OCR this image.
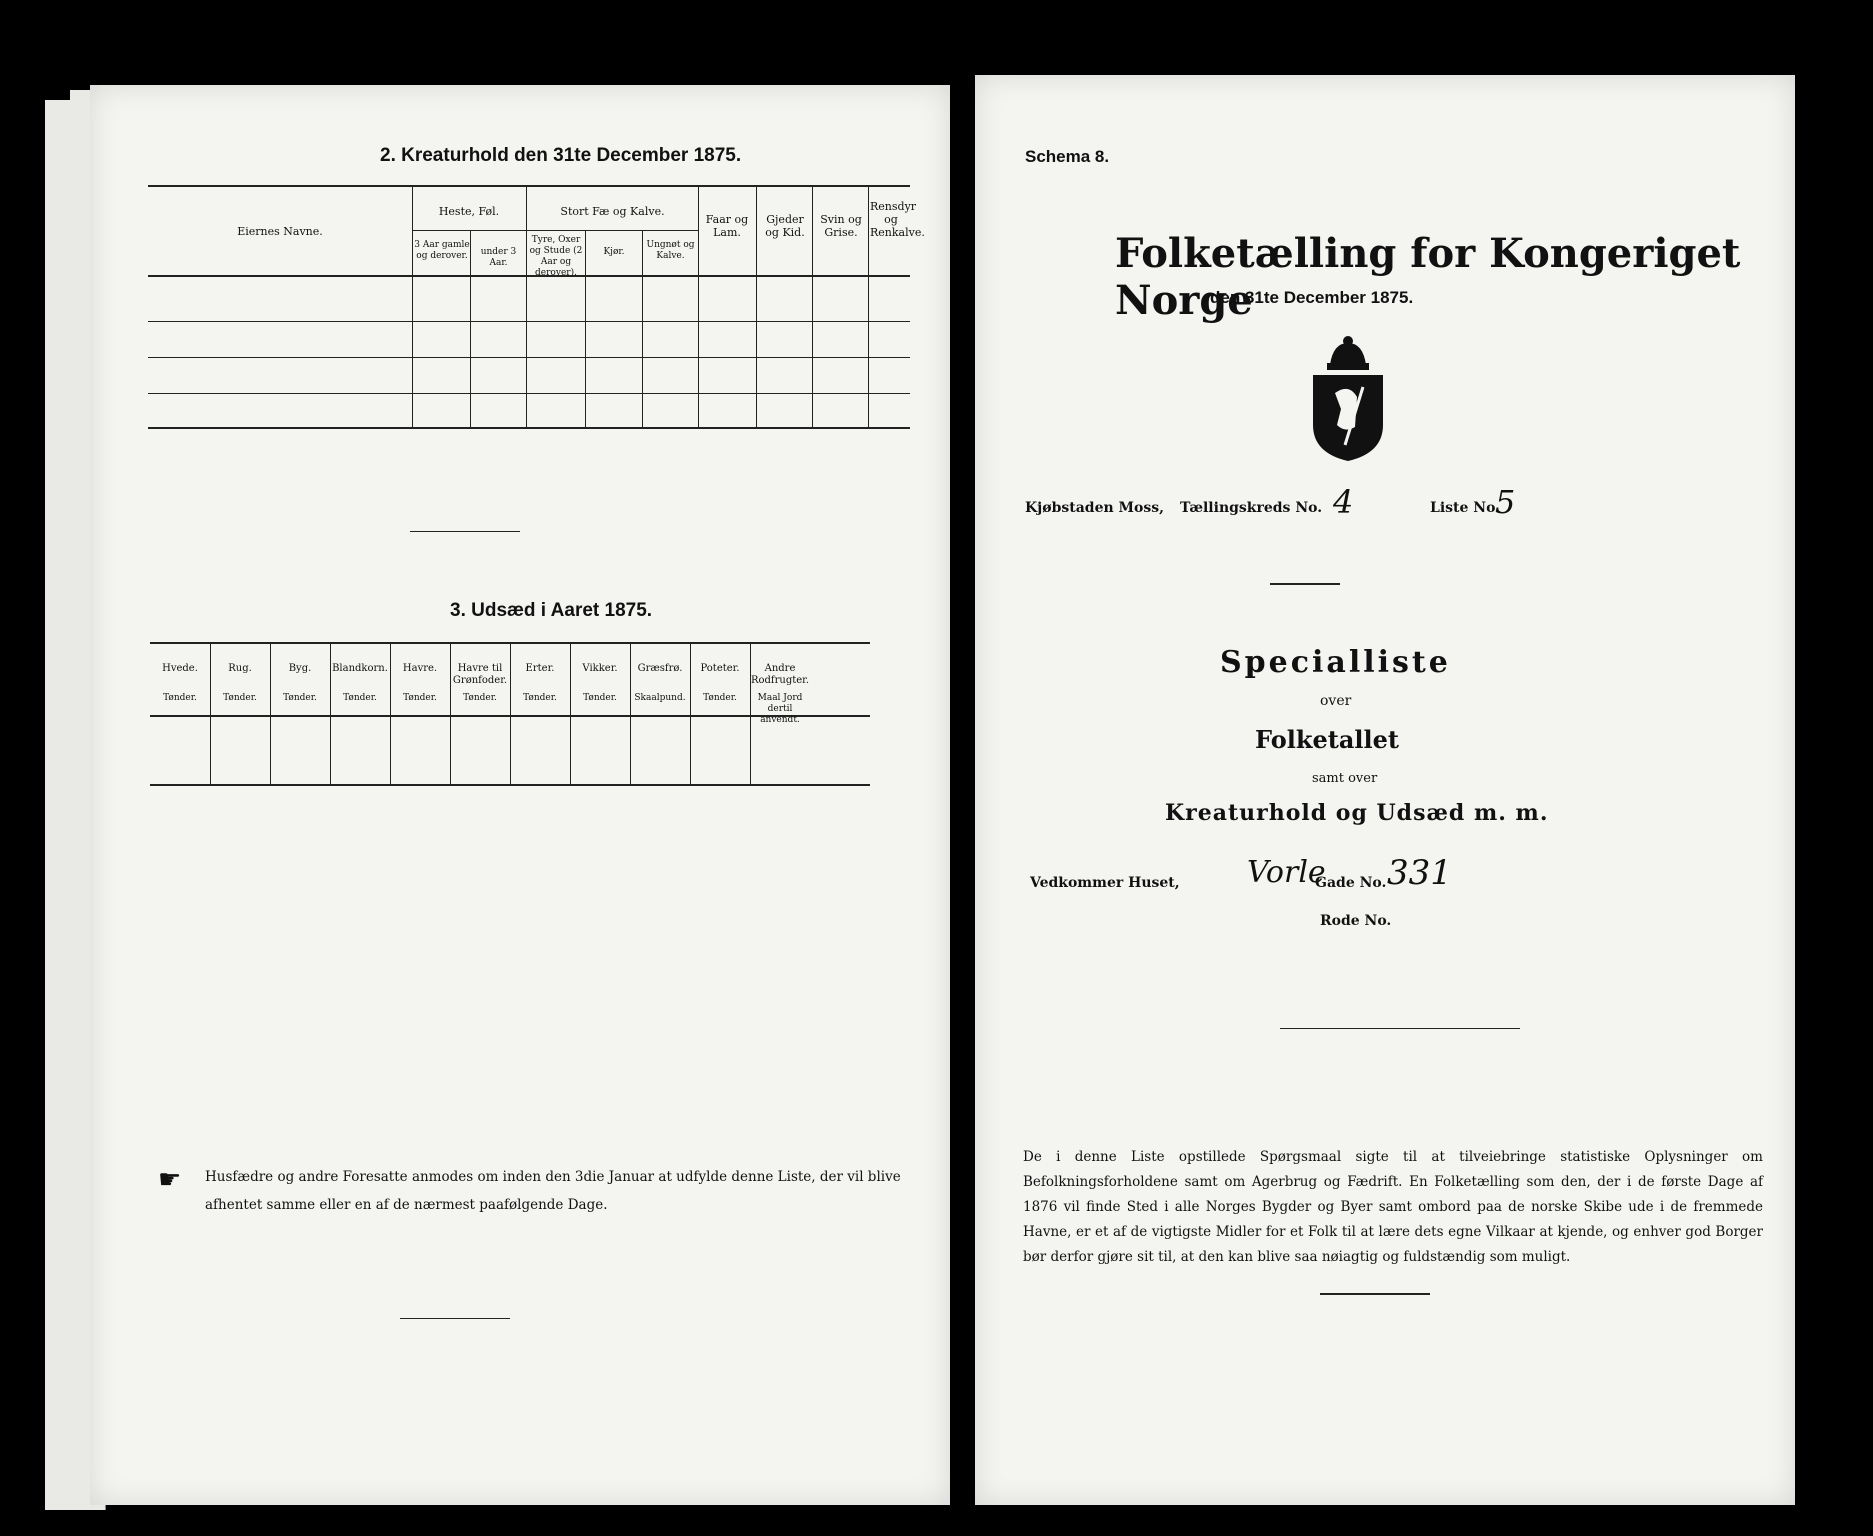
2. Kreaturhold den 31te December 1875.
Eiernes Navne.
Heste, Føl.
3 Aar gamle og derover.	under 3 Aar.
Stort Fæ og Kalve.
Tyre, Oxer og Stude (2 Aar og derover).
Kjør.
Ungnøt og Kalve.
Faar og Lam.
Gjeder og Kid.
Svin og Grise.
Rensdyr og Renkalve.
3. Udsæd i Aaret 1875.
Hvede.
Tønder.
Rug.
Tønder.
Byg.
Tønder.
Blandkorn.
Tønder.
Havre.
Tønder.
Havre til Grønfoder.
Tønder.
Erter.
Tønder.
Vikker.
Tønder.
Græsfrø.
Skaalpund.
Poteter.
Tønder.
Andre Rodfrugter.
Maal Jord dertil anvendt.
☛ Husfædre og andre Foresatte anmodes om inden den 3die Januar at udfylde denne Liste, der vil blive afhentet samme eller en af de nærmest paafølgende Dage.
Schema 8.
Folketælling for Kongeriget Norge
den 31te December 1875.
Kjøbstaden Moss, Tællingskreds No. 4	Liste No.
5
Specialliste
over
Folketallet
samt over
Kreaturhold og Udsæd m. m.
Vedkommer Huset, Vorle
Gade No. 331
Rode No.
De i denne Liste opstillede Spørgsmaal sigte til at tilveiebringe statistiske Oplysninger om Befolkningsforholdene samt om Agerbrug og Fædrift. En Folketælling som den, der i de første Dage af 1876 vil finde Sted i alle Norges Bygder og Byer samt ombord paa de norske Skibe ude i de fremmede Havne, er et af de vigtigste Midler for et Folk til at lære dets egne Vilkaar at kjende, og enhver god Borger bør derfor gjøre sit til, at den kan blive saa nøiagtig og fuldstændig som muligt.
